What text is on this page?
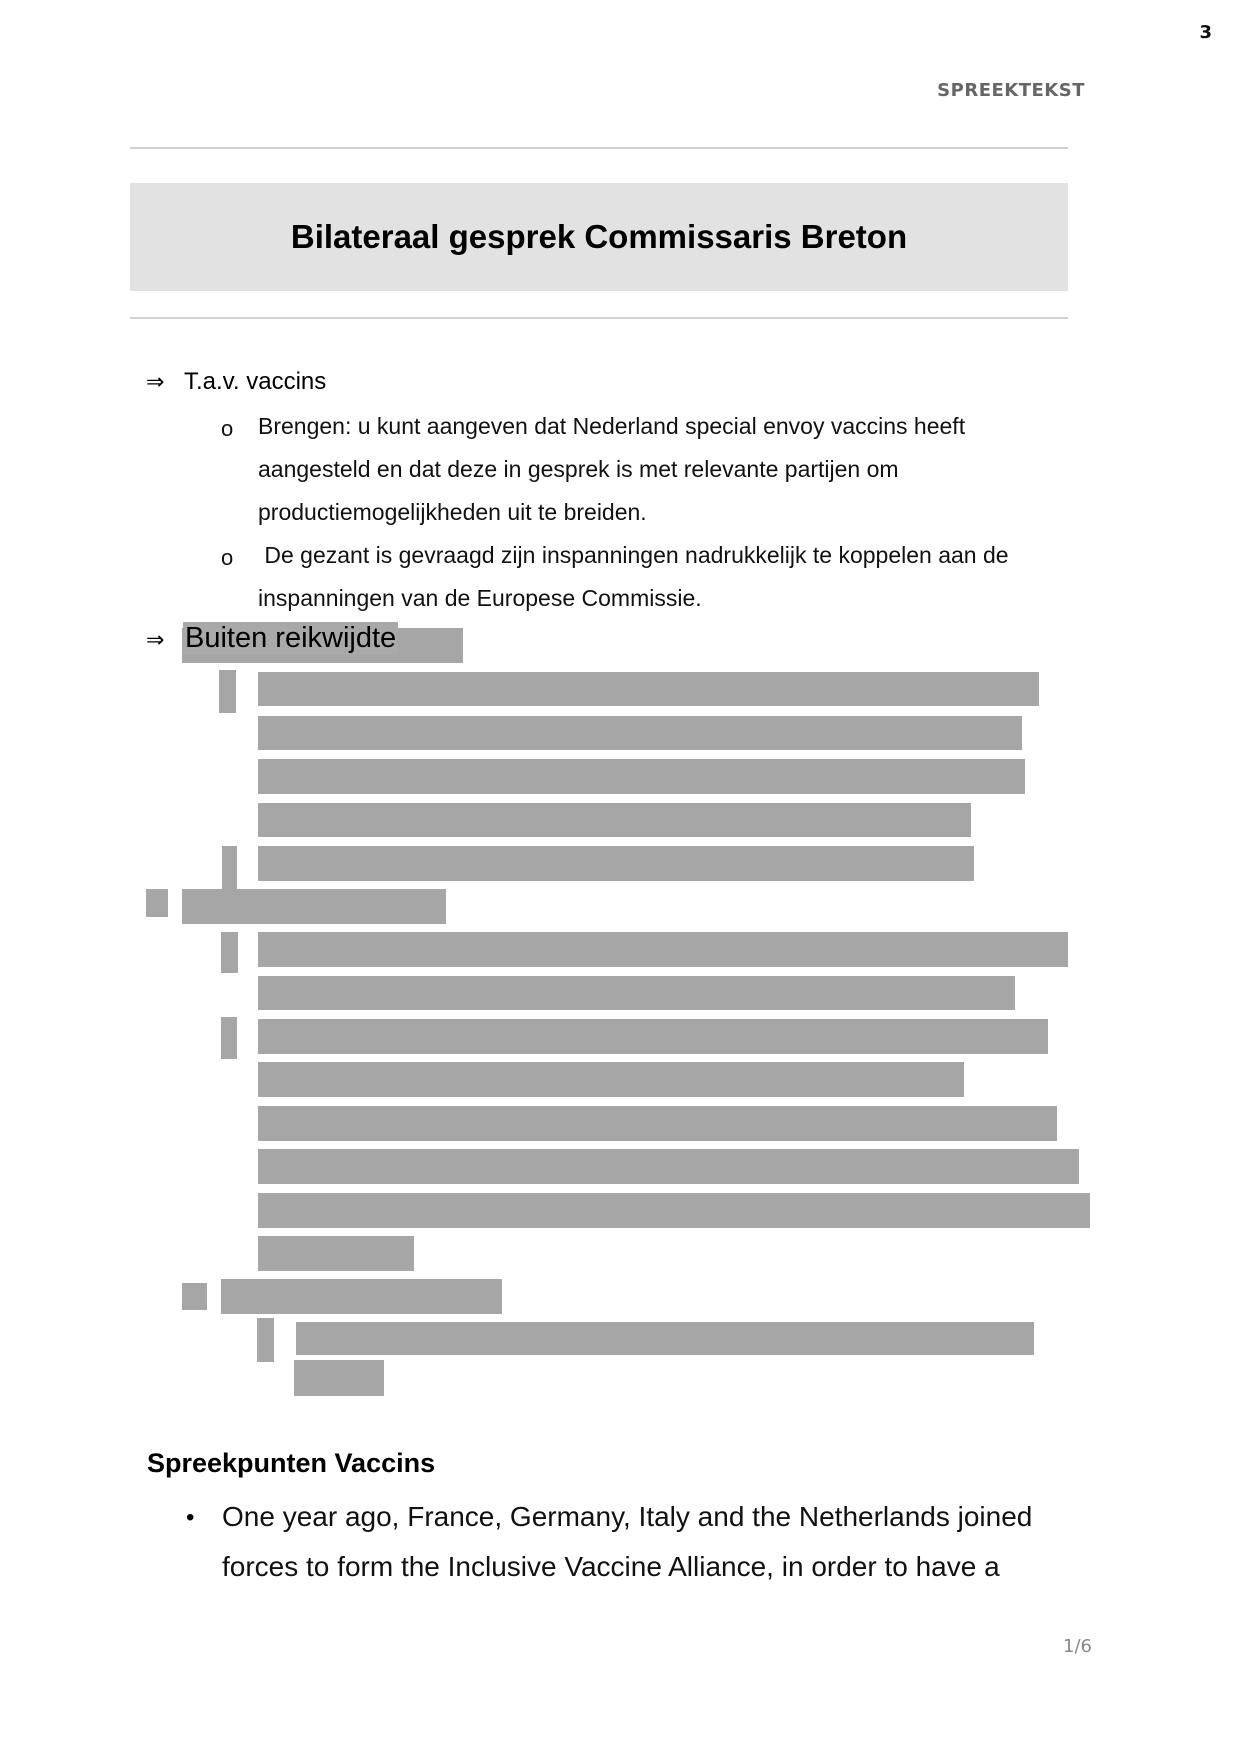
3
SPREEKTEKST
Bilateraal gesprek Commissaris Breton
⇒ T.a.v. vaccins
o Brengen: u kunt aangeven dat Nederland special envoy vaccins heeft
aangesteld en dat deze in gesprek is met relevante partijen om
productiemogelijkheden uit te breiden.
o De gezant is gevraagd zijn inspanningen nadrukkelijk te koppelen aan de
inspanningen van de Europese Commissie.
⇒ Buiten reikwijdte
Spreekpunten Vaccins
• One year ago, France, Germany, Italy and the Netherlands joined
forces to form the Inclusive Vaccine Alliance, in order to have a
1/6
